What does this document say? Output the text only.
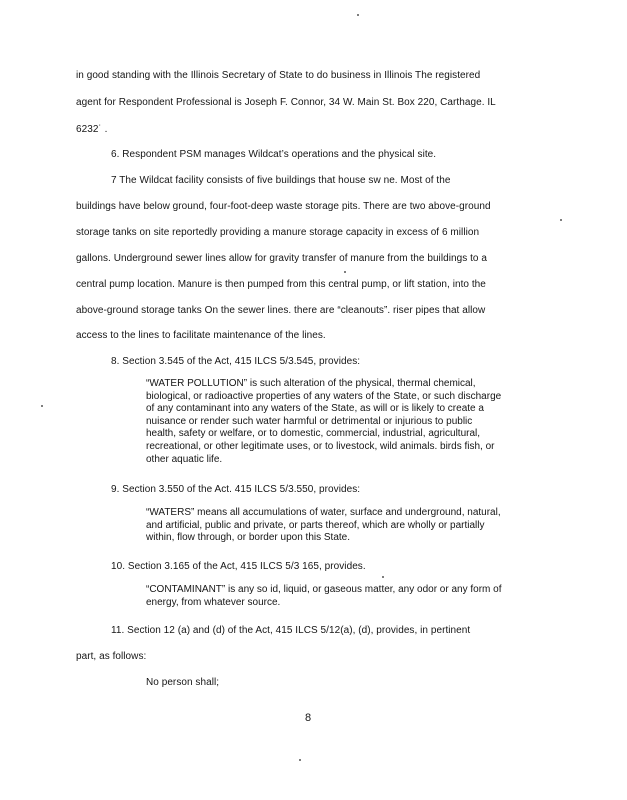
in good standing with the Illinois Secretary of State to do business in Illinois The registered
agent for Respondent Professional is Joseph F. Connor, 34 W. Main St. Box 220, Carthage. IL
6232˙ .
6. Respondent PSM manages Wildcat’s operations and the physical site.
7 The Wildcat facility consists of five buildings that house sw ne. Most of the
buildings have below ground, four-foot-deep waste storage pits. There are two above-ground
storage tanks on site reportedly providing a manure storage capacity in excess of 6 million
gallons. Underground sewer lines allow for gravity transfer of manure from the buildings to a
central pump location. Manure is then pumped from this central pump, or lift station, into the
above-ground storage tanks On the sewer lines. there are “cleanouts”. riser pipes that allow
access to the lines to facilitate maintenance of the lines.
8. Section 3.545 of the Act, 415 ILCS 5/3.545, provides:
“WATER POLLUTION” is such alteration of the physical, thermal chemical,
biological, or radioactive properties of any waters of the State, or such discharge
of any contaminant into any waters of the State, as will or is likely to create a
nuisance or render such water harmful or detrimental or injurious to public
health, safety or welfare, or to domestic, commercial, industrial, agricultural,
recreational, or other legitimate uses, or to livestock, wild animals. birds fish, or
other aquatic life.
9. Section 3.550 of the Act. 415 ILCS 5/3.550, provides:
“WATERS” means all accumulations of water, surface and underground, natural,
and artificial, public and private, or parts thereof, which are wholly or partially
within, flow through, or border upon this State.
10. Section 3.165 of the Act, 415 ILCS 5/3 165, provides.
“CONTAMINANT” is any so id, liquid, or gaseous matter, any odor or any form of
energy, from whatever source.
11. Section 12 (a) and (d) of the Act, 415 ILCS 5/12(a), (d), provides, in pertinent
part, as follows:
No person shall;
8
